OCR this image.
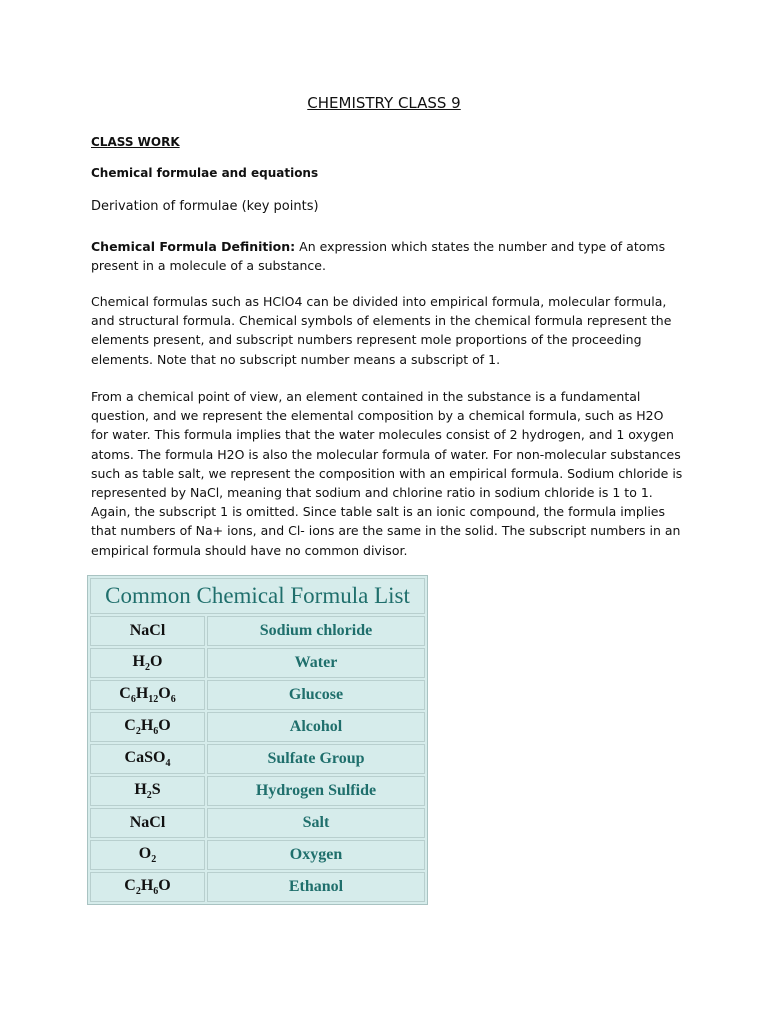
CHEMISTRY CLASS 9

CLASS WORK

Chemical formulae and equations

Derivation of formulae (key points)

Chemical Formula Definition: An expression which states the number and type of atoms present in a molecule of a substance.

Chemical formulas such as HClO4 can be divided into empirical formula, molecular formula, and structural formula. Chemical symbols of elements in the chemical formula represent the elements present, and subscript numbers represent mole proportions of the proceeding elements. Note that no subscript number means a subscript of 1.

From a chemical point of view, an element contained in the substance is a fundamental question, and we represent the elemental composition by a chemical formula, such as H2O for water. This formula implies that the water molecules consist of 2 hydrogen, and 1 oxygen atoms. The formula H2O is also the molecular formula of water. For non-molecular substances such as table salt, we represent the composition with an empirical formula. Sodium chloride is represented by NaCl, meaning that sodium and chlorine ratio in sodium chloride is 1 to 1. Again, the subscript 1 is omitted. Since table salt is an ionic compound, the formula implies that numbers of Na+ ions, and Cl- ions are the same in the solid. The subscript numbers in an empirical formula should have no common divisor.

Common Chemical Formula List	
NaCl	Sodium chloride
$H_2O$	Water
$C_6H_{12}O_6$	Glucose
$C_2H_6O$	Alcohol
CaSO$_4$	Sulfate Group
$H_2S$	Hydrogen Sulfide
NaCl	Salt
$O_2$	Oxygen
$C_2H_6O$	Ethanol
